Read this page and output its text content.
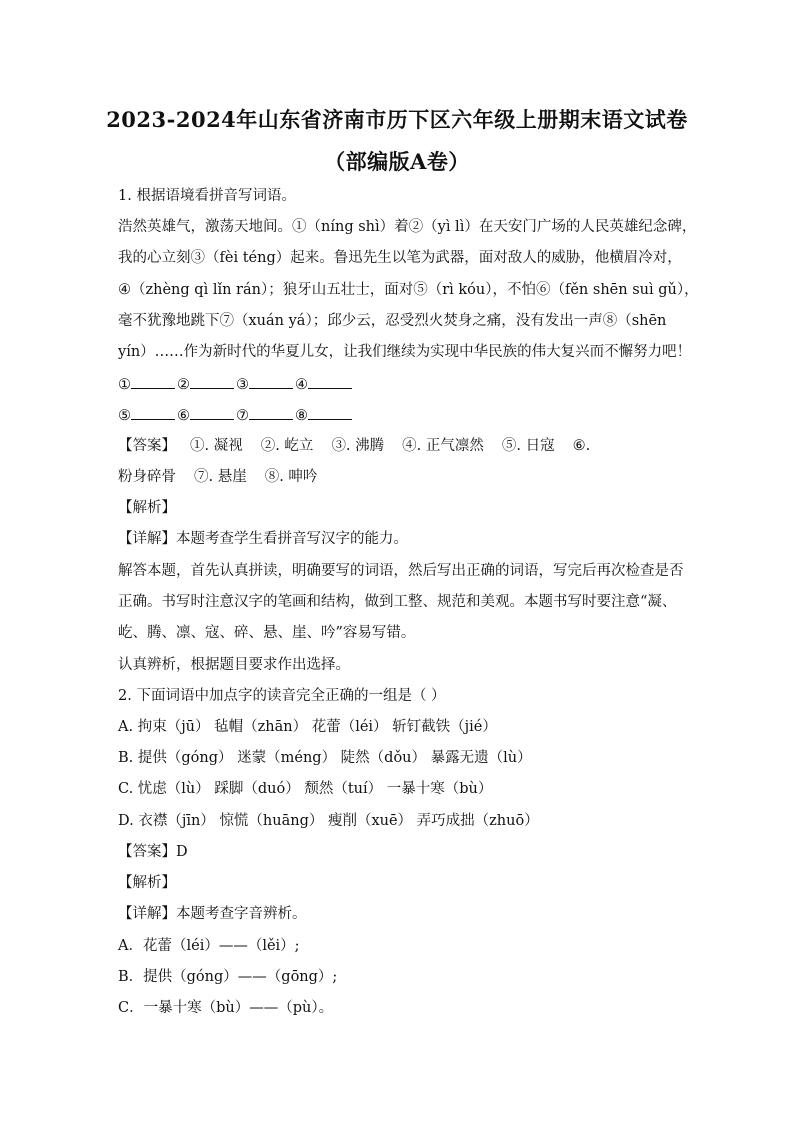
2023-2024年山东省济南市历下区六年级上册期末语文试卷
（部编版A卷）
1. 根据语境看拼音写词语。
浩然英雄气，激荡天地间。①（níng shì）着②（yì lì）在天安门广场的人民英雄纪念碑，
我的心立刻③（fèi téng）起来。鲁迅先生以笔为武器，面对敌人的威胁，他横眉冷对，
④（zhèng qì lǐn rán）；狼牙山五壮士，面对⑤（rì kóu），不怕⑥（fěn shēn suì gǔ），
毫不犹豫地跳下⑦（xuán yá）；邱少云，忍受烈火焚身之痛，没有发出一声⑧（shēn
yín）……作为新时代的华夏儿女，让我们继续为实现中华民族的伟大复兴而不懈努力吧！
①	②	③	④
⑤	⑥	⑦	⑧
【答案】 ①. 凝视 ②. 屹立 ③. 沸腾 ④. 正气凛然 ⑤. 日寇 ⑥.
粉身碎骨 ⑦. 悬崖 ⑧. 呻吟
【解析】
【详解】本题考查学生看拼音写汉字的能力。
解答本题，首先认真拼读，明确要写的词语，然后写出正确的词语，写完后再次检查是否
正确。书写时注意汉字的笔画和结构，做到工整、规范和美观。本题书写时要注意“凝、
屹、腾、凛、寇、碎、悬、崖、吟”容易写错。
认真辨析，根据题目要求作出选择。
2. 下面词语中加点字的读音完全正确的一组是（ ）
A. 拘束（jū） 毡帽（zhān） 花蕾（léi） 斩钉截铁（jié）
B. 提供（góng） 迷蒙（méng） 陡然（dǒu） 暴露无遗（lù）
C. 忧虑（lù） 踩脚（duó） 颓然（tuí） 一暴十寒（bù）
D. 衣襟（jīn） 惊慌（huāng） 瘦削（xuē） 弄巧成拙（zhuō）
【答案】D
【解析】
【详解】本题考查字音辨析。
A．花蕾（léi）——（lěi）;
B．提供（góng）——（gōng）;
C．一暴十寒（bù）——（pù）。
